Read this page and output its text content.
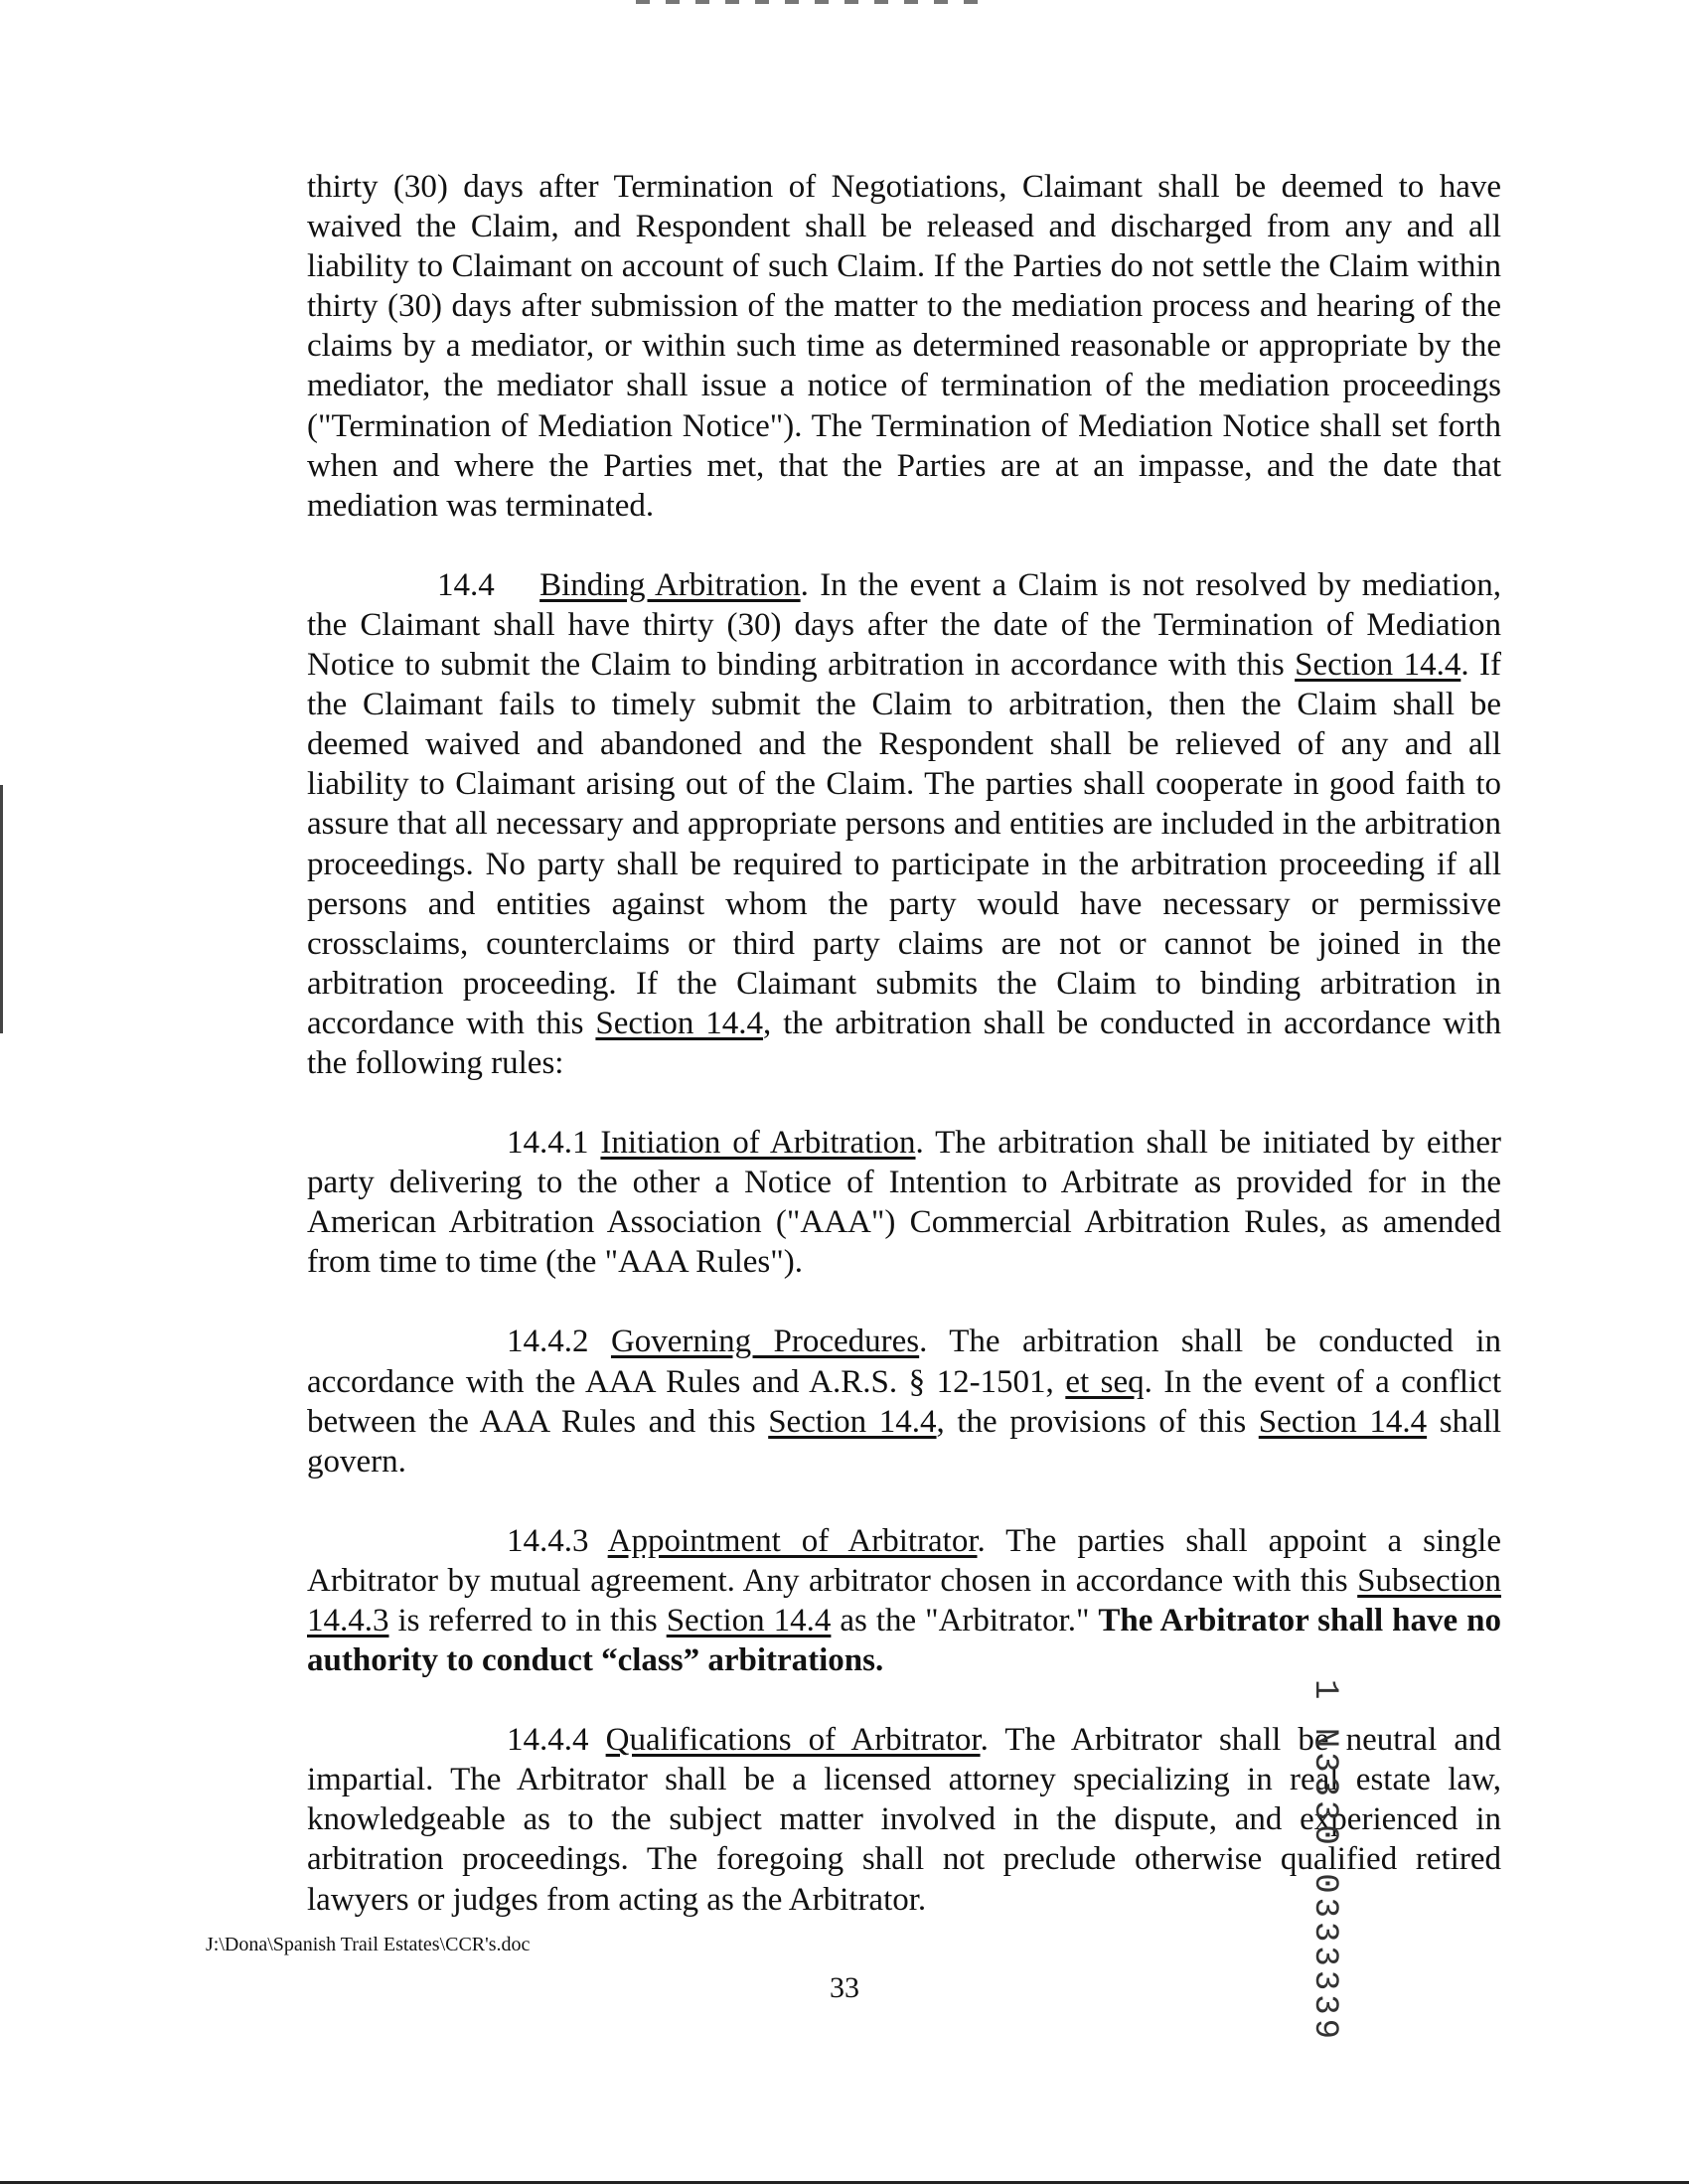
thirty (30) days after Termination of Negotiations, Claimant shall be deemed to have waived the Claim, and Respondent shall be released and discharged from any and all liability to Claimant on account of such Claim. If the Parties do not settle the Claim within thirty (30) days after submission of the matter to the mediation process and hearing of the claims by a mediator, or within such time as determined reasonable or appropriate by the mediator, the mediator shall issue a notice of termination of the mediation proceedings ("Termination of Mediation Notice"). The Termination of Mediation Notice shall set forth when and where the Parties met, that the Parties are at an impasse, and the date that mediation was terminated.

14.4 Binding Arbitration. In the event a Claim is not resolved by mediation, the Claimant shall have thirty (30) days after the date of the Termination of Mediation Notice to submit the Claim to binding arbitration in accordance with this Section 14.4. If the Claimant fails to timely submit the Claim to arbitration, then the Claim shall be deemed waived and abandoned and the Respondent shall be relieved of any and all liability to Claimant arising out of the Claim. The parties shall cooperate in good faith to assure that all necessary and appropriate persons and entities are included in the arbitration proceedings. No party shall be required to participate in the arbitration proceeding if all persons and entities against whom the party would have necessary or permissive crossclaims, counterclaims or third party claims are not or cannot be joined in the arbitration proceeding. If the Claimant submits the Claim to binding arbitration in accordance with this Section 14.4, the arbitration shall be conducted in accordance with the following rules:

14.4.1 Initiation of Arbitration. The arbitration shall be initiated by either party delivering to the other a Notice of Intention to Arbitrate as provided for in the American Arbitration Association ("AAA") Commercial Arbitration Rules, as amended from time to time (the "AAA Rules").

14.4.2 Governing Procedures. The arbitration shall be conducted in accordance with the AAA Rules and A.R.S. § 12-1501, et seq. In the event of a conflict between the AAA Rules and this Section 14.4, the provisions of this Section 14.4 shall govern.

14.4.3 Appointment of Arbitrator. The parties shall appoint a single Arbitrator by mutual agreement. Any arbitrator chosen in accordance with this Subsection 14.4.3 is referred to in this Section 14.4 as the "Arbitrator." The Arbitrator shall have no authority to conduct “class” arbitrations.

14.4.4 Qualifications of Arbitrator. The Arbitrator shall be neutral and impartial. The Arbitrator shall be a licensed attorney specializing in real estate law, knowledgeable as to the subject matter involved in the dispute, and experienced in arbitration proceedings. The foregoing shall not preclude otherwise qualified retired lawyers or judges from acting as the Arbitrator.

J:\Dona\Spanish Trail Estates\CCR's.doc
33	1 N3330 0333339
